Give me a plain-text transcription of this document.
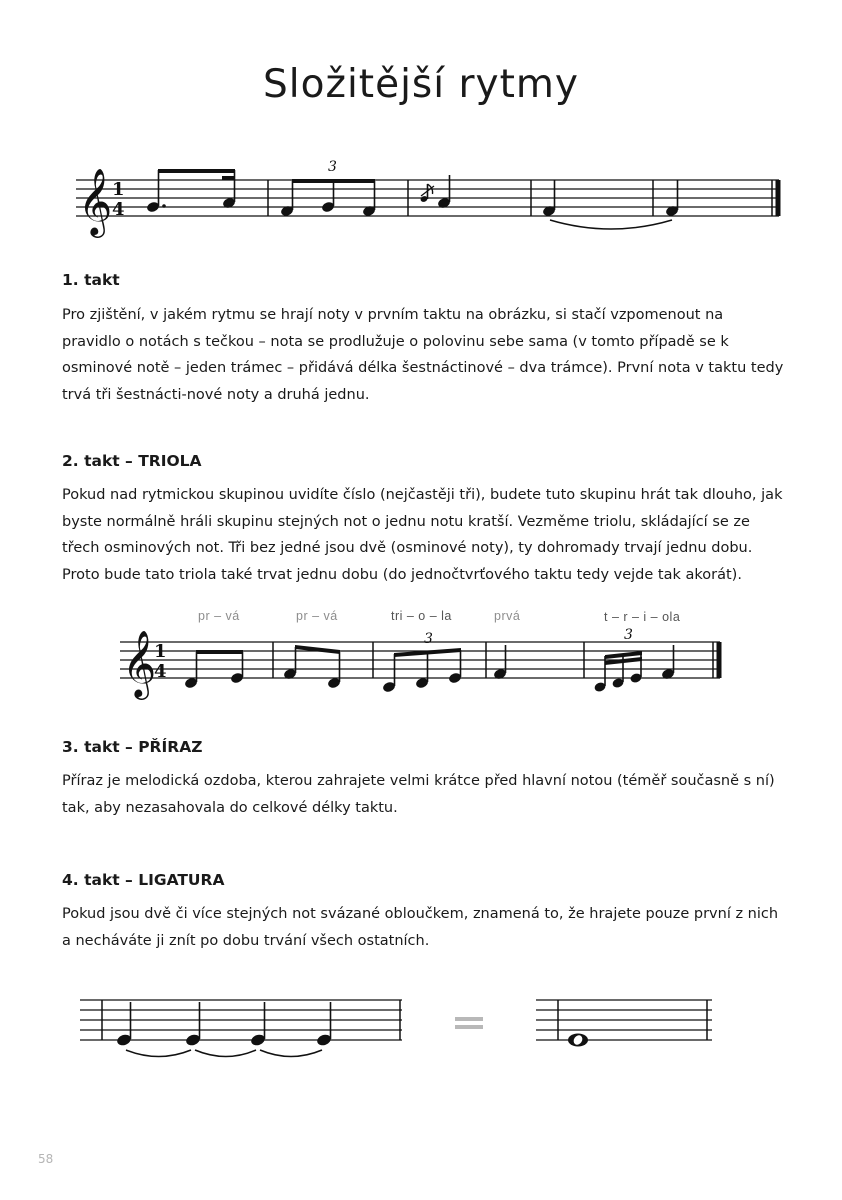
Složitější rytmy
𝄞 1
4
3
1. takt

Pro zjištění, v jakém rytmu se hrají noty v prvním taktu na obrázku, si stačí vzpomenout na pravidlo o notách s tečkou – nota se prodlužuje o polovinu sebe sama (v tomto případě se k osminové notě – jeden trámec – přidává délka šestnáctinové – dva trámce). První nota v taktu tedy trvá tři šestnácti-nové noty a druhá jednu.

2. takt – TRIOLA

Pokud nad rytmickou skupinou uvidíte číslo (nejčastěji tři), budete tuto skupinu hrát tak dlouho, jak byste normálně hráli skupinu stejných not o jednu notu kratší. Vezměme triolu, skládající se ze třech osminových not. Tři bez jedné jsou dvě (osminové noty), ty dohromady trvají jednu dobu. Proto bude tato triola také trvat jednu dobu (do jednočtvrťového taktu tedy vejde tak akorát).

pr – vá	pr – vá	tri – o – la	prvá	t – r – i – ola
𝄞
1
4
3	3
3. takt – PŘÍRAZ

Příraz je melodická ozdoba, kterou zahrajete velmi krátce před hlavní notou (téměř současně s ní) tak, aby nezasahovala do celkové délky taktu.

4. takt – LIGATURA

Pokud jsou dvě či více stejných not svázané obloučkem, znamená to, že hrajete pouze první z nich a necháváte ji znít po dobu trvání všech ostatních.

58
